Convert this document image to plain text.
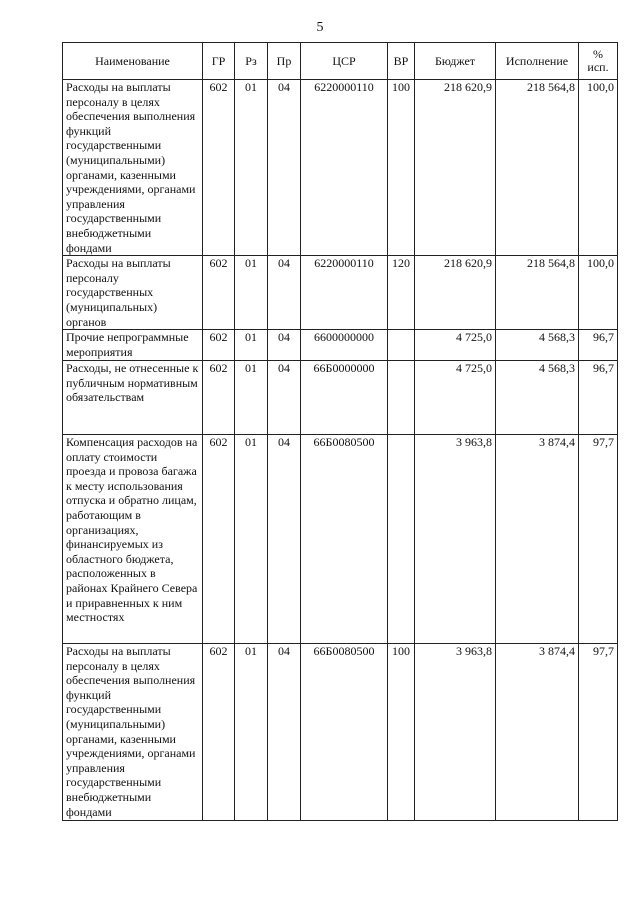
5
Наименование	ГР	Рз	Пр	ЦСР	ВР	Бюджет	Исполнение	%
исп.
Расходы на выплаты персоналу в целях обеспечения выполнения функций государственными (муниципальными) органами, казенными учреждениями, органами управления государственными внебюджетными фондами	602	01	04	6220000110	100	218 620,9	218 564,8	100,0
Расходы на выплаты персоналу государственных (муниципальных) органов	602	01	04	6220000110	120	218 620,9	218 564,8	100,0
Прочие непрограммные мероприятия	602	01	04	6600000000		4 725,0	4 568,3	96,7
Расходы, не отнесенные к публичным нормативным обязательствам	602	01	04	66Б0000000		4 725,0	4 568,3	96,7
Компенсация расходов на оплату стоимости проезда и провоза багажа к месту использования отпуска и обратно лицам, работающим в организациях, финансируемых из областного бюджета, расположенных в районах Крайнего Севера и приравненных к ним местностях	602	01	04	66Б0080500		3 963,8	3 874,4	97,7
Расходы на выплаты персоналу в целях обеспечения выполнения функций государственными (муниципальными) органами, казенными учреждениями, органами управления государственными внебюджетными фондами	602	01	04	66Б0080500	100	3 963,8	3 874,4	97,7
